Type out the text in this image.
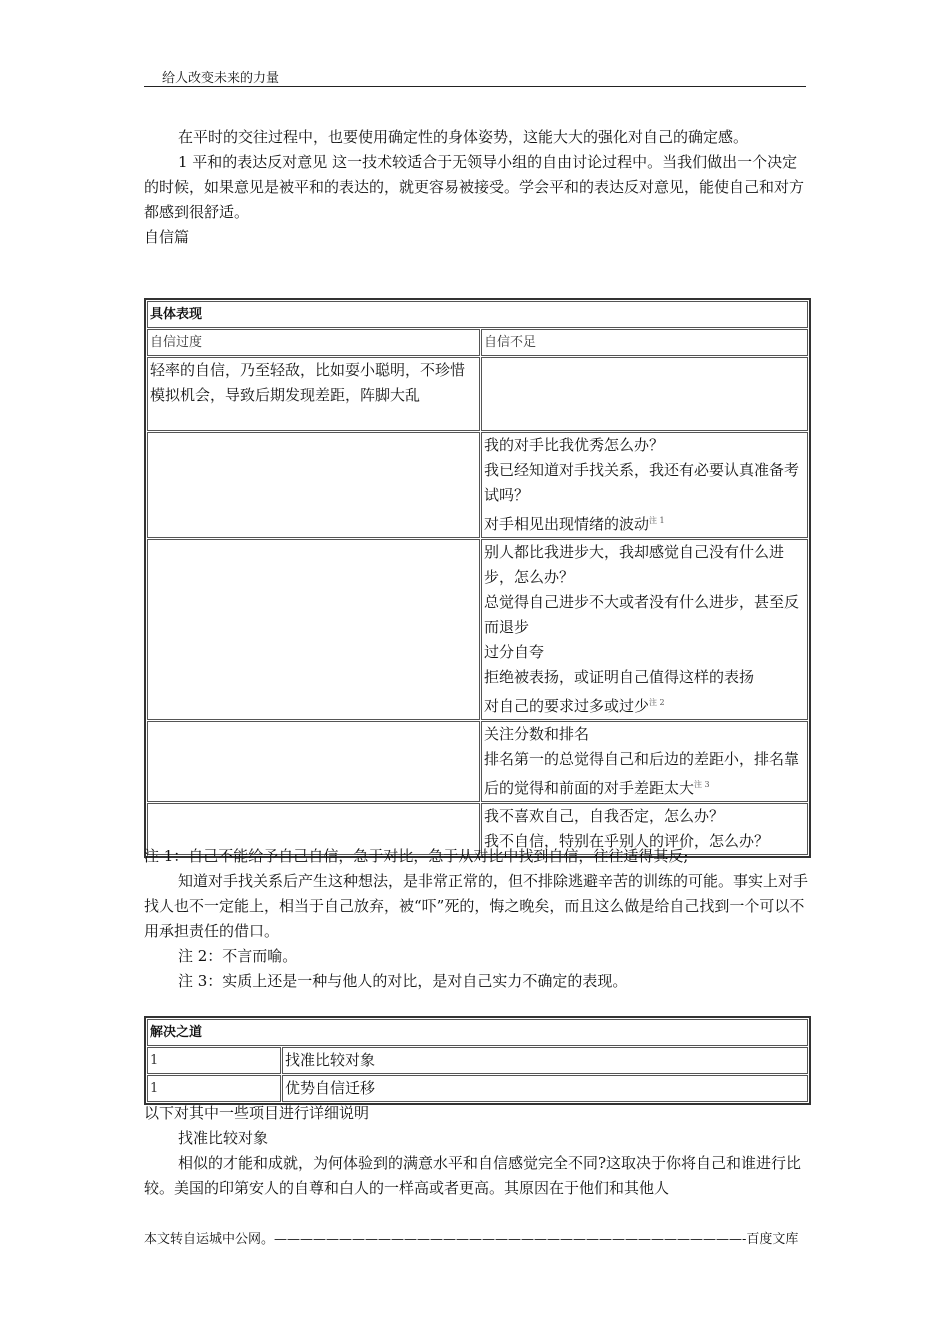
给人改变未来的力量

在平时的交往过程中，也要使用确定性的身体姿势，这能大大的强化对自己的确定感。

1 平和的表达反对意见 这一技术较适合于无领导小组的自由讨论过程中。当我们做出一个决定的时候，如果意见是被平和的表达的，就更容易被接受。学会平和的表达反对意见，能使自己和对方都感到很舒适。

自信篇

具体表现	
自信过度	自信不足
轻率的自信，乃至轻敌，比如耍小聪明，不珍惜模拟机会，导致后期发现差距，阵脚大乱	

	我的对手比我优秀怎么办？
我已经知道对手找关系，我还有必要认真准备考试吗？
对手相见出现情绪的波动$^{注 1}$

	别人都比我进步大，我却感觉自己没有什么进步，怎么办？
总觉得自己进步不大或者没有什么进步，甚至反而退步
过分自夸
拒绝被表扬，或证明自己值得这样的表扬
对自己的要求过多或过少$^{注 2}$

	关注分数和排名
排名第一的总觉得自己和后边的差距小，排名靠后的觉得和前面的对手差距太大$^{注 3}$

	我不喜欢自己，自我否定，怎么办？
我不自信，特别在乎别人的评价，怎么办？

注 1：自己不能给予自己自信，急于对比，急于从对比中找到自信，往往适得其反;

知道对手找关系后产生这种想法，是非常正常的，但不排除逃避辛苦的训练的可能。事实上对手找人也不一定能上，相当于自己放弃，被“吓”死的，悔之晚矣，而且这么做是给自己找到一个可以不用承担责任的借口。

注 2：不言而喻。

注 3：实质上还是一种与他人的对比，是对自己实力不确定的表现。

解决之道	
1	找准比较对象
1	优势自信迁移

以下对其中一些项目进行详细说明

找准比较对象

相似的才能和成就，为何体验到的满意水平和自信感觉完全不同?这取决于你将自己和谁进行比较。美国的印第安人的自尊和白人的一样高或者更高。其原因在于他们和其他人

本文转自运城中公网。————————————————————————————————————-百度文库
